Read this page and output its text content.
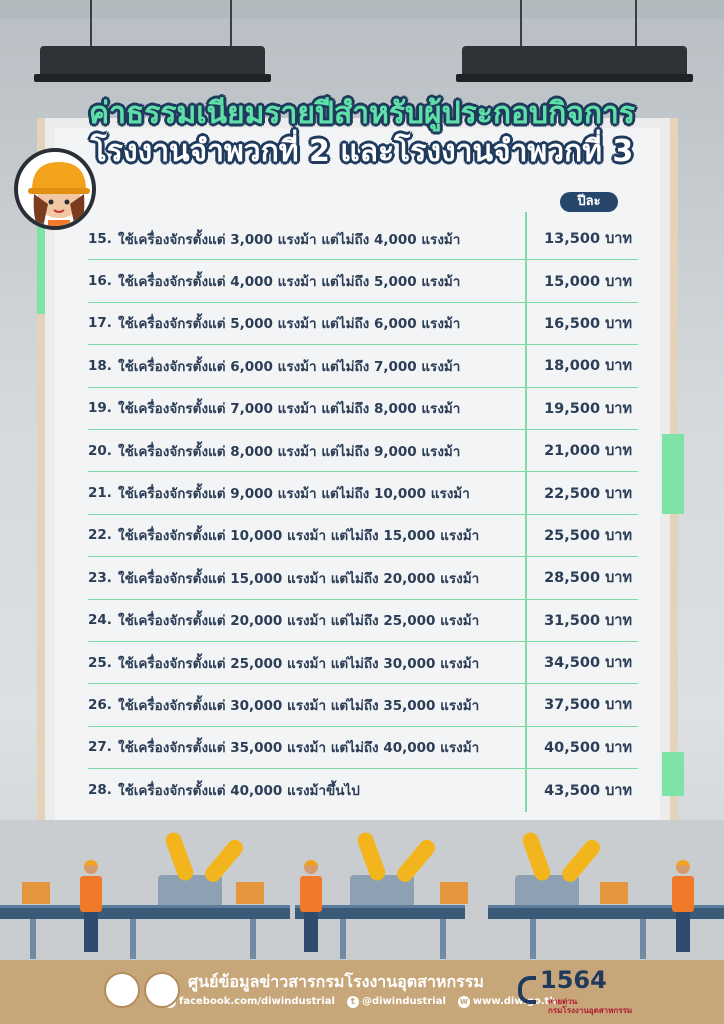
ค่าธรรมเนียมรายปีสำหรับผู้ประกอบกิจการ
โรงงานจำพวกที่ 2 และโรงงานจำพวกที่ 3
ปีละ
15. ใช้เครื่องจักรตั้งแต่ 3,000 แรงม้า แต่ไม่ถึง 4,000 แรงม้า	13,500 บาท
16. ใช้เครื่องจักรตั้งแต่ 4,000 แรงม้า แต่ไม่ถึง 5,000 แรงม้า	15,000 บาท
17. ใช้เครื่องจักรตั้งแต่ 5,000 แรงม้า แต่ไม่ถึง 6,000 แรงม้า	16,500 บาท
18. ใช้เครื่องจักรตั้งแต่ 6,000 แรงม้า แต่ไม่ถึง 7,000 แรงม้า	18,000 บาท
19. ใช้เครื่องจักรตั้งแต่ 7,000 แรงม้า แต่ไม่ถึง 8,000 แรงม้า	19,500 บาท
20. ใช้เครื่องจักรตั้งแต่ 8,000 แรงม้า แต่ไม่ถึง 9,000 แรงม้า	21,000 บาท
21. ใช้เครื่องจักรตั้งแต่ 9,000 แรงม้า แต่ไม่ถึง 10,000 แรงม้า	22,500 บาท
22. ใช้เครื่องจักรตั้งแต่ 10,000 แรงม้า แต่ไม่ถึง 15,000 แรงม้า	25,500 บาท
23. ใช้เครื่องจักรตั้งแต่ 15,000 แรงม้า แต่ไม่ถึง 20,000 แรงม้า	28,500 บาท
24. ใช้เครื่องจักรตั้งแต่ 20,000 แรงม้า แต่ไม่ถึง 25,000 แรงม้า	31,500 บาท
25. ใช้เครื่องจักรตั้งแต่ 25,000 แรงม้า แต่ไม่ถึง 30,000 แรงม้า	34,500 บาท
26. ใช้เครื่องจักรตั้งแต่ 30,000 แรงม้า แต่ไม่ถึง 35,000 แรงม้า	37,500 บาท
27. ใช้เครื่องจักรตั้งแต่ 35,000 แรงม้า แต่ไม่ถึง 40,000 แรงม้า	40,500 บาท
28. ใช้เครื่องจักรตั้งแต่ 40,000 แรงม้าขึ้นไป	43,500 บาท
ศูนย์ข้อมูลข่าวสารกรมโรงงานอุตสาหกรรม
facebook.com/diwindustrial	t @diwindustrial w www.diw.go.th
1564
สายด่วน
กรมโรงงานอุตสาหกรรม
